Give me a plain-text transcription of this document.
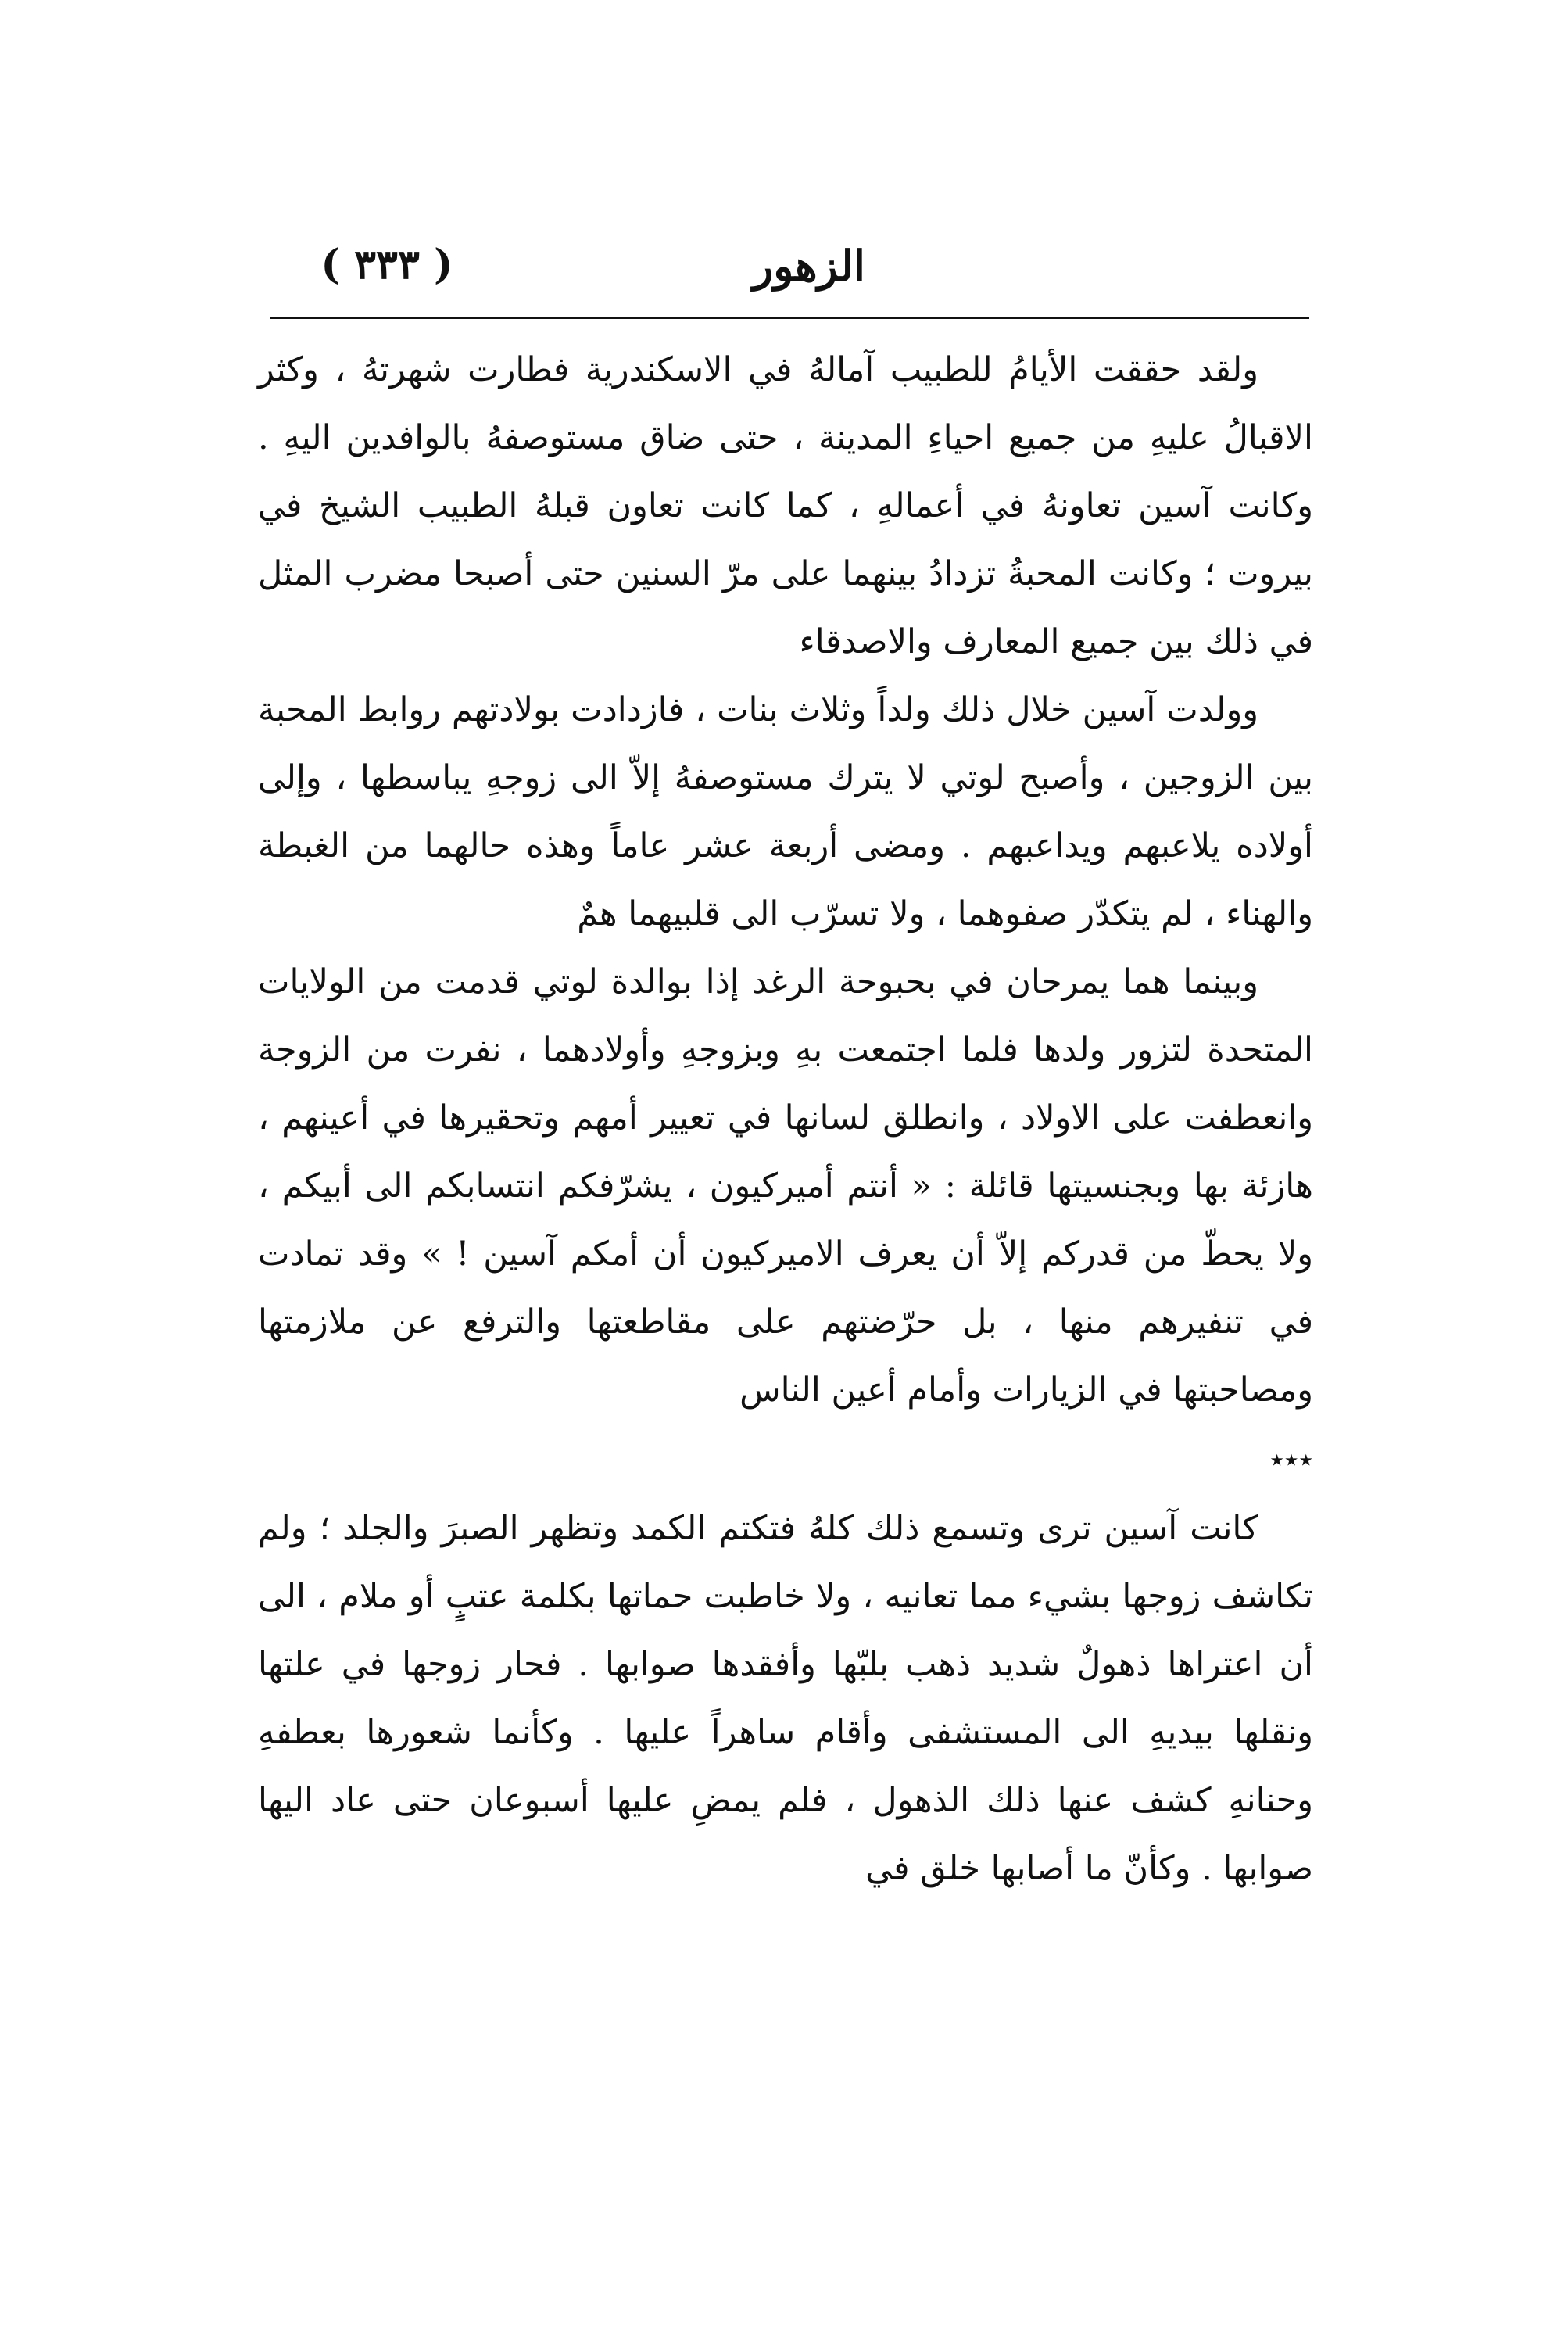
الزهور
( ٣٣٣ )

ولقد حققت الأيامُ للطبيب آمالهُ في الاسكندرية فطارت شهرتهُ ، وكثر الاقبالُ عليهِ من جميع احياءِ المدينة ، حتى ضاق مستوصفهُ بالوافدين اليهِ . وكانت آسين تعاونهُ في أعمالهِ ، كما كانت تعاون قبلهُ الطبيب الشيخ في بيروت ؛ وكانت المحبةُ تزدادُ بينهما على مرّ السنين حتى أصبحا مضرب المثل في ذلك بين جميع المعارف والاصدقاء

وولدت آسين خلال ذلك ولداً وثلاث بنات ، فازدادت بولادتهم روابط المحبة بين الزوجين ، وأصبح لوتي لا يترك مستوصفهُ إلاّ الى زوجهِ يباسطها ، وإلى أولاده يلاعبهم ويداعبهم . ومضى أربعة عشر عاماً وهذه حالهما من الغبطة والهناء ، لم يتكدّر صفوهما ، ولا تسرّب الى قلبيهما همٌ

وبينما هما يمرحان في بحبوحة الرغد إذا بوالدة لوتي قدمت من الولايات المتحدة لتزور ولدها فلما اجتمعت بهِ وبزوجهِ وأولادهما ، نفرت من الزوجة وانعطفت على الاولاد ، وانطلق لسانها في تعيير أمهم وتحقيرها في أعينهم ، هازئة بها وبجنسيتها قائلة : « أنتم أميركيون ، يشرّفكم انتسابكم الى أبيكم ، ولا يحطّ من قدركم إلاّ أن يعرف الاميركيون أن أمكم آسين ! » وقد تمادت في تنفيرهم منها ، بل حرّضتهم على مقاطعتها والترفع عن ملازمتها ومصاحبتها في الزيارات وأمام أعين الناس

٭٭٭

كانت آسين ترى وتسمع ذلك كلهُ فتكتم الكمد وتظهر الصبرَ والجلد ؛ ولم تكاشف زوجها بشيء مما تعانيه ، ولا خاطبت حماتها بكلمة عتبٍ أو ملام ، الى أن اعتراها ذهولٌ شديد ذهب بلبّها وأفقدها صوابها . فحار زوجها في علتها ونقلها بيديهِ الى المستشفى وأقام ساهراً عليها . وكأنما شعورها بعطفهِ وحنانهِ كشف عنها ذلك الذهول ، فلم يمضِ عليها أسبوعان حتى عاد اليها صوابها . وكأنّ ما أصابها خلق في
